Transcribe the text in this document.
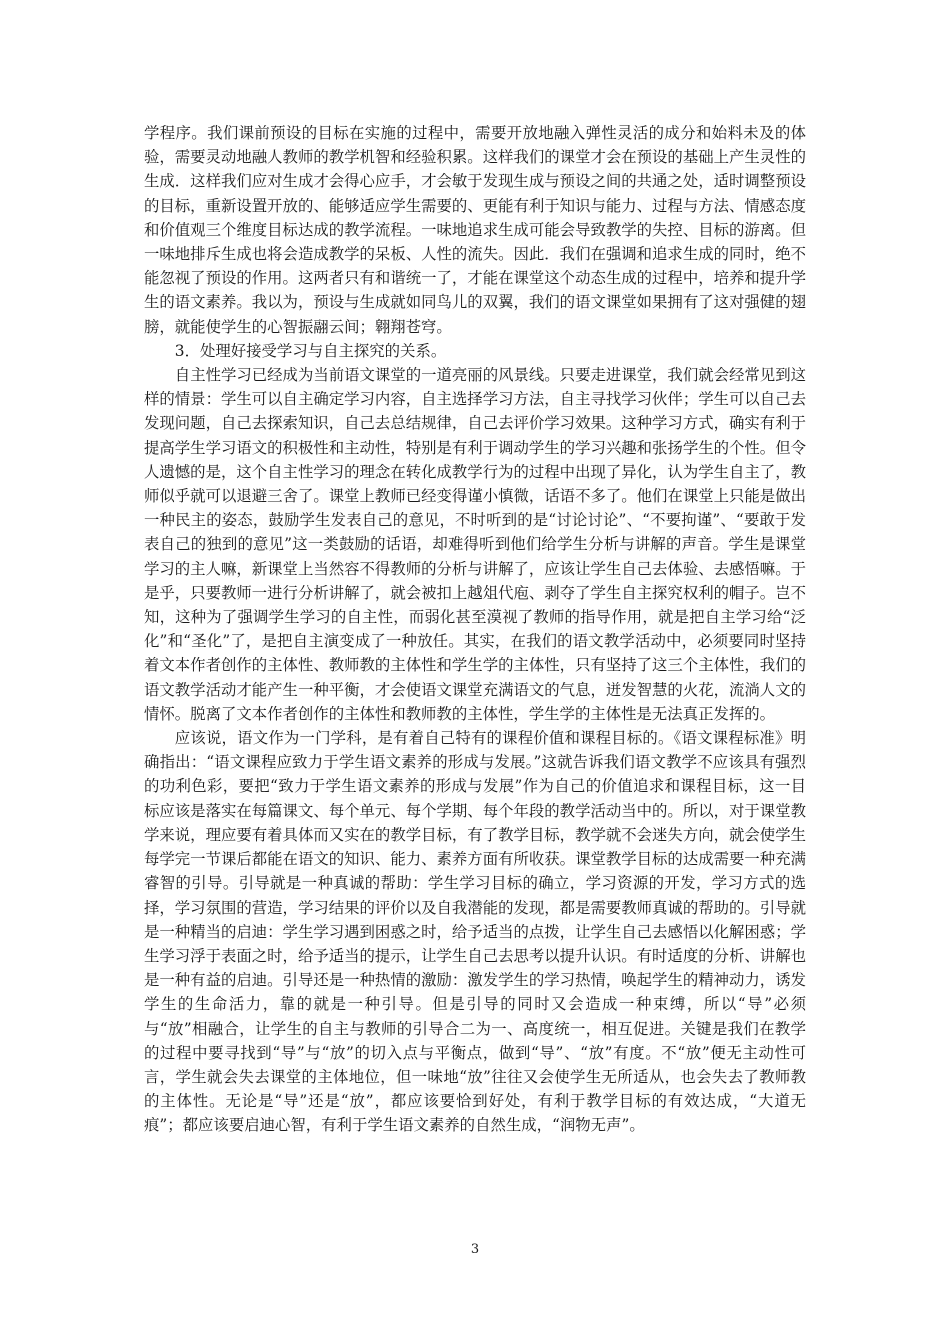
学程序。我们课前预设的目标在实施的过程中，需要开放地融入弹性灵活的成分和始料未及的体验，需要灵动地融人教师的教学机智和经验积累。这样我们的课堂才会在预设的基础上产生灵性的生成．这样我们应对生成才会得心应手，才会敏于发现生成与预设之间的共通之处，适时调整预设的目标，重新设置开放的、能够适应学生需要的、更能有利于知识与能力、过程与方法、情感态度和价值观三个维度目标达成的教学流程。一味地追求生成可能会导致教学的失控、目标的游离。但一味地排斥生成也将会造成教学的呆板、人性的流失。因此．我们在强调和追求生成的同时，绝不能忽视了预设的作用。这两者只有和谐统一了，才能在课堂这个动态生成的过程中，培养和提升学生的语文素养。我以为，预设与生成就如同鸟儿的双翼，我们的语文课堂如果拥有了这对强健的翅膀，就能使学生的心智振翮云间；翱翔苍穹。

3．处理好接受学习与自主探究的关系。

自主性学习已经成为当前语文课堂的一道亮丽的风景线。只要走进课堂，我们就会经常见到这样的情景：学生可以自主确定学习内容，自主选择学习方法，自主寻找学习伙伴；学生可以自己去发现问题，自己去探索知识，自己去总结规律，自己去评价学习效果。这种学习方式，确实有利于提高学生学习语文的积极性和主动性，特别是有利于调动学生的学习兴趣和张扬学生的个性。但令人遗憾的是，这个自主性学习的理念在转化成教学行为的过程中出现了异化，认为学生自主了，教师似乎就可以退避三舍了。课堂上教师已经变得谨小慎微，话语不多了。他们在课堂上只能是做出一种民主的姿态，鼓励学生发表自己的意见，不时听到的是“讨论讨论”、“不要拘谨”、“要敢于发表自己的独到的意见”这一类鼓励的话语，却难得听到他们给学生分析与讲解的声音。学生是课堂学习的主人嘛，新课堂上当然容不得教师的分析与讲解了，应该让学生自己去体验、去感悟嘛。于是乎，只要教师一进行分析讲解了，就会被扣上越俎代庖、剥夺了学生自主探究权利的帽子。岂不知，这种为了强调学生学习的自主性，而弱化甚至漠视了教师的指导作用，就是把自主学习给“泛化”和“圣化”了，是把自主演变成了一种放任。其实，在我们的语文教学活动中，必须要同时坚持着文本作者创作的主体性、教师教的主体性和学生学的主体性，只有坚持了这三个主体性，我们的语文教学活动才能产生一种平衡，才会使语文课堂充满语文的气息，迸发智慧的火花，流淌人文的情怀。脱离了文本作者创作的主体性和教师教的主体性，学生学的主体性是无法真正发挥的。

应该说，语文作为一门学科，是有着自己特有的课程价值和课程目标的。《语文课程标准》明确指出：“语文课程应致力于学生语文素养的形成与发展。”这就告诉我们语文教学不应该具有强烈的功利色彩，要把“致力于学生语文素养的形成与发展”作为自己的价值追求和课程目标，这一目标应该是落实在每篇课文、每个单元、每个学期、每个年段的教学活动当中的。所以，对于课堂教学来说，理应要有着具体而又实在的教学目标，有了教学目标，教学就不会迷失方向，就会使学生每学完一节课后都能在语文的知识、能力、素养方面有所收获。课堂教学目标的达成需要一种充满睿智的引导。引导就是一种真诚的帮助：学生学习目标的确立，学习资源的开发，学习方式的选择，学习氛围的营造，学习结果的评价以及自我潜能的发现，都是需要教师真诚的帮助的。引导就是一种精当的启迪：学生学习遇到困惑之时，给予适当的点拨，让学生自己去感悟以化解困惑；学生学习浮于表面之时，给予适当的提示，让学生自己去思考以提升认识。有时适度的分析、讲解也是一种有益的启迪。引导还是一种热情的激励：激发学生的学习热情，唤起学生的精神动力，诱发学生的生命活力，靠的就是一种引导。但是引导的同时又会造成一种束缚，所以“导”必须与“放”相融合，让学生的自主与教师的引导合二为一、高度统一，相互促进。关键是我们在教学的过程中要寻找到“导”与“放”的切入点与平衡点，做到“导”、“放”有度。不“放”便无主动性可言，学生就会失去课堂的主体地位，但一味地“放”往往又会使学生无所适从，也会失去了教师教的主体性。无论是“导”还是“放”，都应该要恰到好处，有利于教学目标的有效达成，“大道无痕”；都应该要启迪心智，有利于学生语文素养的自然生成，“润物无声”。

3
